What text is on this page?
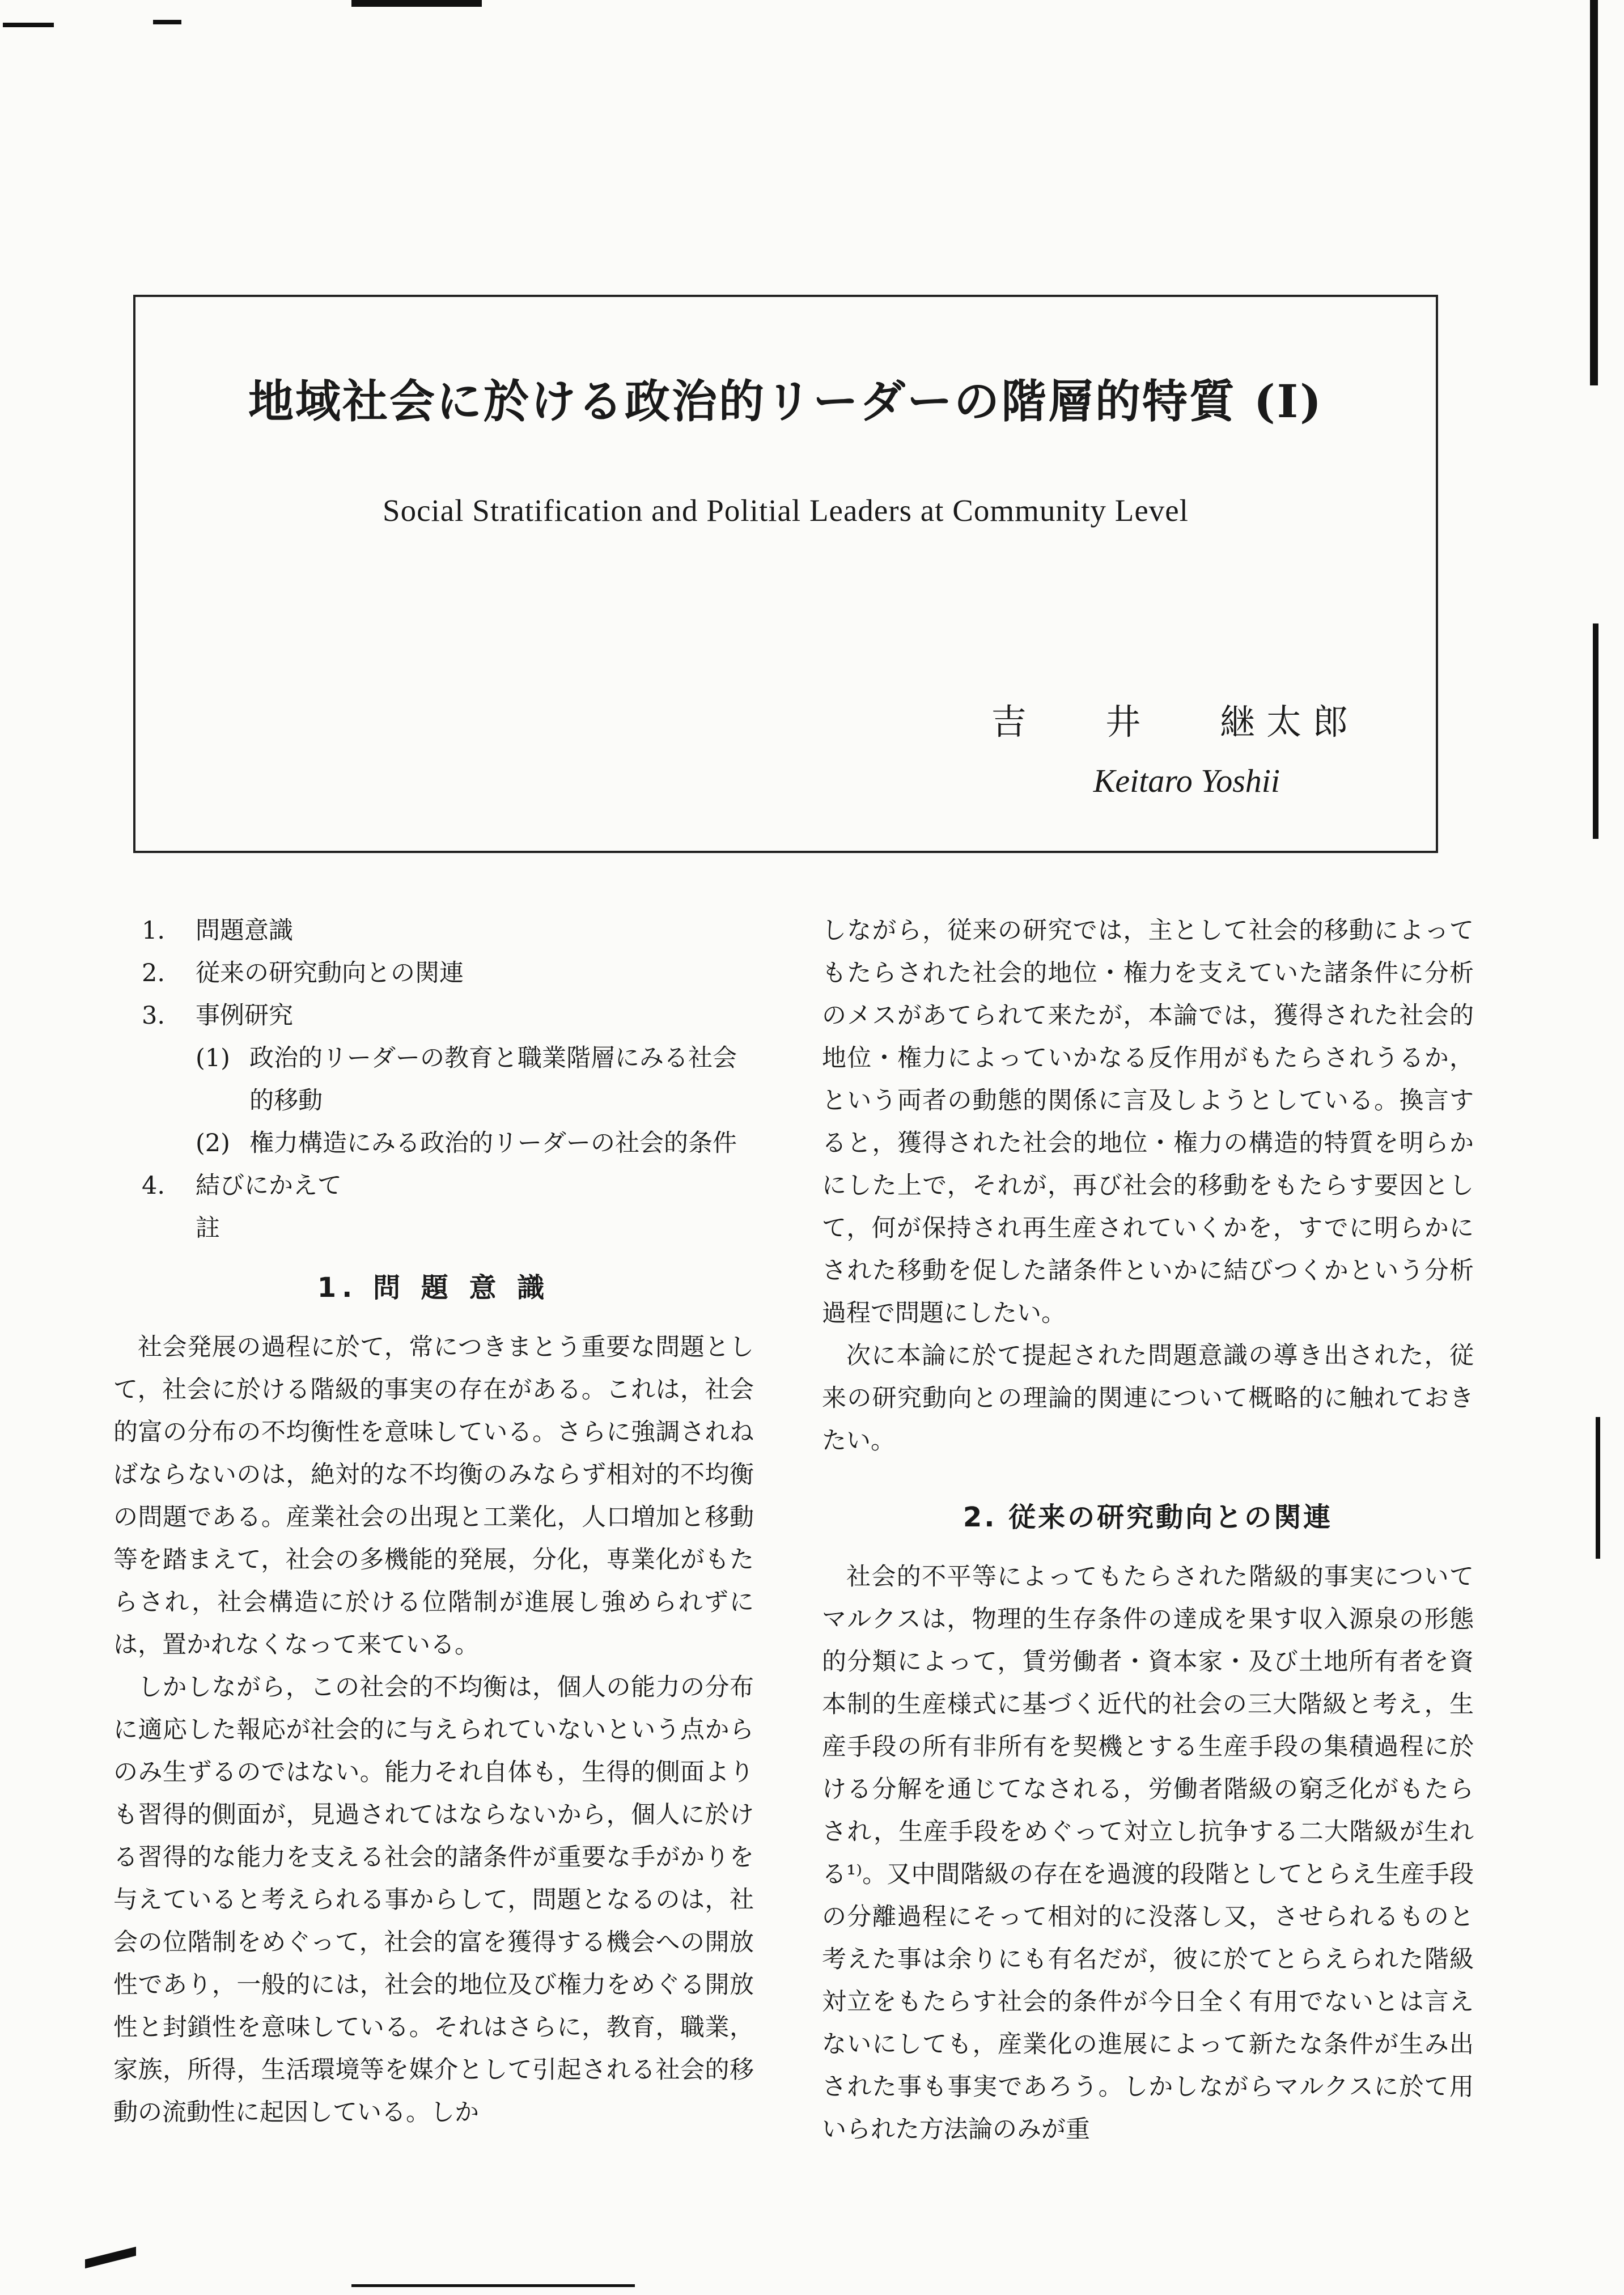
地域社会に於ける政治的リーダーの階層的特質 (I)
Social Stratification and Politial Leaders at Community Level
吉 井 継太郎
Keitaro Yoshii
1.	問題意識
2.	従来の研究動向との関連
3.	事例研究
(1) 政治的リーダーの教育と職業階層にみる社会的移動
(2) 権力構造にみる政治的リーダーの社会的条件
4.	結びにかえて
註
1. 問 題 意 識

社会発展の過程に於て，常につきまとう重要な問題として，社会に於ける階級的事実の存在がある。これは，社会的富の分布の不均衡性を意味している。さらに強調されねばならないのは，絶対的な不均衡のみならず相対的不均衡の問題である。産業社会の出現と工業化，人口増加と移動等を踏まえて，社会の多機能的発展，分化，専業化がもたらされ，社会構造に於ける位階制が進展し強められずには，置かれなくなって来ている。

しかしながら，この社会的不均衡は，個人の能力の分布に適応した報応が社会的に与えられていないという点からのみ生ずるのではない。能力それ自体も，生得的側面よりも習得的側面が，見過されてはならないから，個人に於ける習得的な能力を支える社会的諸条件が重要な手がかりを与えていると考えられる事からして，問題となるのは，社会の位階制をめぐって，社会的富を獲得する機会への開放性であり，一般的には，社会的地位及び権力をめぐる開放性と封鎖性を意味している。それはさらに，教育，職業，家族，所得，生活環境等を媒介として引起される社会的移動の流動性に起因している。しか

しながら，従来の研究では，主として社会的移動によってもたらされた社会的地位・権力を支えていた諸条件に分析のメスがあてられて来たが，本論では，獲得された社会的地位・権力によっていかなる反作用がもたらされうるか，という両者の動態的関係に言及しようとしている。換言すると，獲得された社会的地位・権力の構造的特質を明らかにした上で，それが，再び社会的移動をもたらす要因として，何が保持され再生産されていくかを，すでに明らかにされた移動を促した諸条件といかに結びつくかという分析過程で問題にしたい。

次に本論に於て提起された問題意識の導き出された，従来の研究動向との理論的関連について概略的に触れておきたい。

2. 従来の研究動向との関連

社会的不平等によってもたらされた階級的事実についてマルクスは，物理的生存条件の達成を果す収入源泉の形態的分類によって，賃労働者・資本家・及び土地所有者を資本制的生産様式に基づく近代的社会の三大階級と考え，生産手段の所有非所有を契機とする生産手段の集積過程に於ける分解を通じてなされる，労働者階級の窮乏化がもたらされ，生産手段をめぐって対立し抗争する二大階級が生れる¹⁾。又中間階級の存在を過渡的段階としてとらえ生産手段の分離過程にそって相対的に没落し又，させられるものと考えた事は余りにも有名だが，彼に於てとらえられた階級対立をもたらす社会的条件が今日全く有用でないとは言えないにしても，産業化の進展によって新たな条件が生み出された事も事実であろう。しかしながらマルクスに於て用いられた方法論のみが重
